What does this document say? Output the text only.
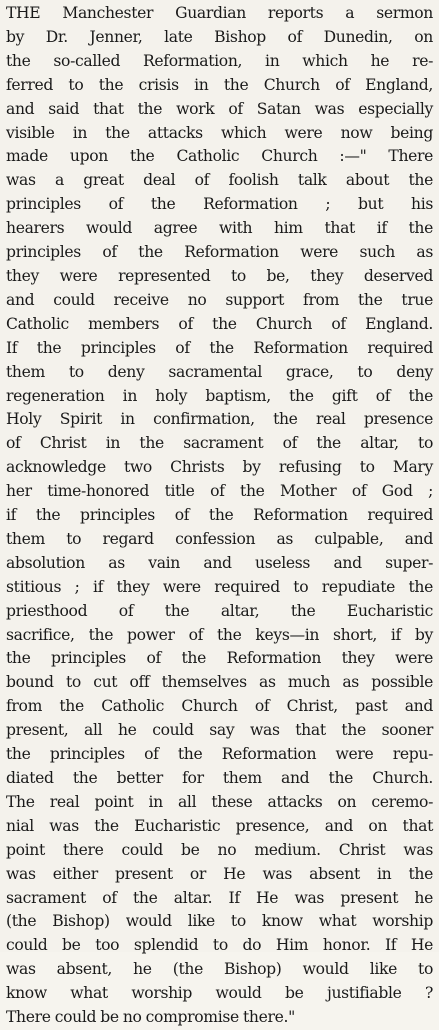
THE Manchester Guardian reports a sermon
by Dr. Jenner, late Bishop of Dunedin, on
the so-called Reformation, in which he re-
ferred to the crisis in the Church of England,
and said that the work of Satan was especially
visible in the attacks which were now being
made upon the Catholic Church :—" There
was a great deal of foolish talk about the
principles of the Reformation ; but his
hearers would agree with him that if the
principles of the Reformation were such as
they were represented to be, they deserved
and could receive no support from the true
Catholic members of the Church of England.
If the principles of the Reformation required
them to deny sacramental grace, to deny
regeneration in holy baptism, the gift of the
Holy Spirit in confirmation, the real presence
of Christ in the sacrament of the altar, to
acknowledge two Christs by refusing to Mary
her time-honored title of the Mother of God ;
if the principles of the Reformation required
them to regard confession as culpable, and
absolution as vain and useless and super-
stitious ; if they were required to repudiate the
priesthood of the altar, the Eucharistic
sacrifice, the power of the keys—in short, if by
the principles of the Reformation they were
bound to cut off themselves as much as possible
from the Catholic Church of Christ, past and
present, all he could say was that the sooner
the principles of the Reformation were repu-
diated the better for them and the Church.
The real point in all these attacks on ceremo-
nial was the Eucharistic presence, and on that
point there could be no medium. Christ was
was either present or He was absent in the
sacrament of the altar. If He was present he
(the Bishop) would like to know what worship
could be too splendid to do Him honor. If He
was absent, he (the Bishop) would like to
know what worship would be justifiable ?
There could be no compromise there."
